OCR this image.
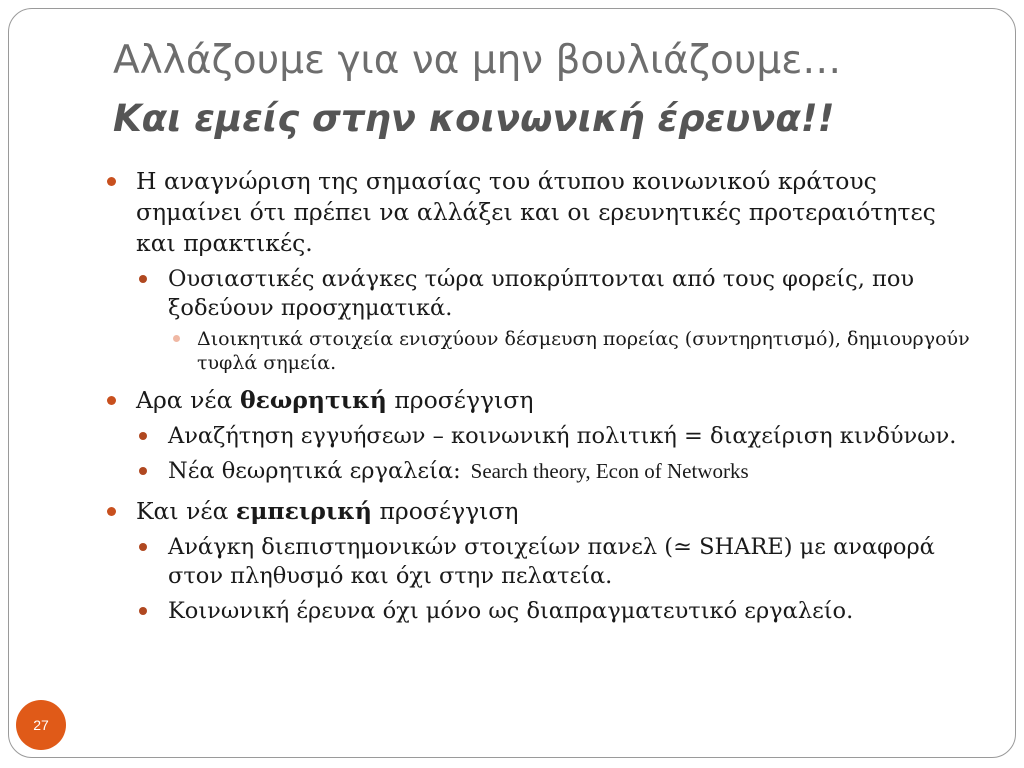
Αλλάζουμε για να μην βουλιάζουμε…
Και εμείς στην κοινωνική έρευνα!!
Η αναγνώριση της σημασίας του άτυπου κοινωνικού κράτους σημαίνει ότι πρέπει να αλλάξει και οι ερευνητικές προτεραιότητες και πρακτικές.
Ουσιαστικές ανάγκες τώρα υποκρύπτονται από τους φορείς, που ξοδεύουν προσχηματικά.
Διοικητικά στοιχεία ενισχύουν δέσμευση πορείας (συντηρητισμό), δημιουργούν τυφλά σημεία.
Αρα νέα θεωρητική προσέγγιση
Αναζήτηση εγγυήσεων – κοινωνική πολιτική = διαχείριση κινδύνων.
Νέα θεωρητικά εργαλεία: Search theory, Econ of Networks
Και νέα εμπειρική προσέγγιση
Ανάγκη διεπιστημονικών στοιχείων πανελ (≃ SHARE) με αναφορά στον πληθυσμό και όχι στην πελατεία.
Κοινωνική έρευνα όχι μόνο ως διαπραγματευτικό εργαλείο.
27
